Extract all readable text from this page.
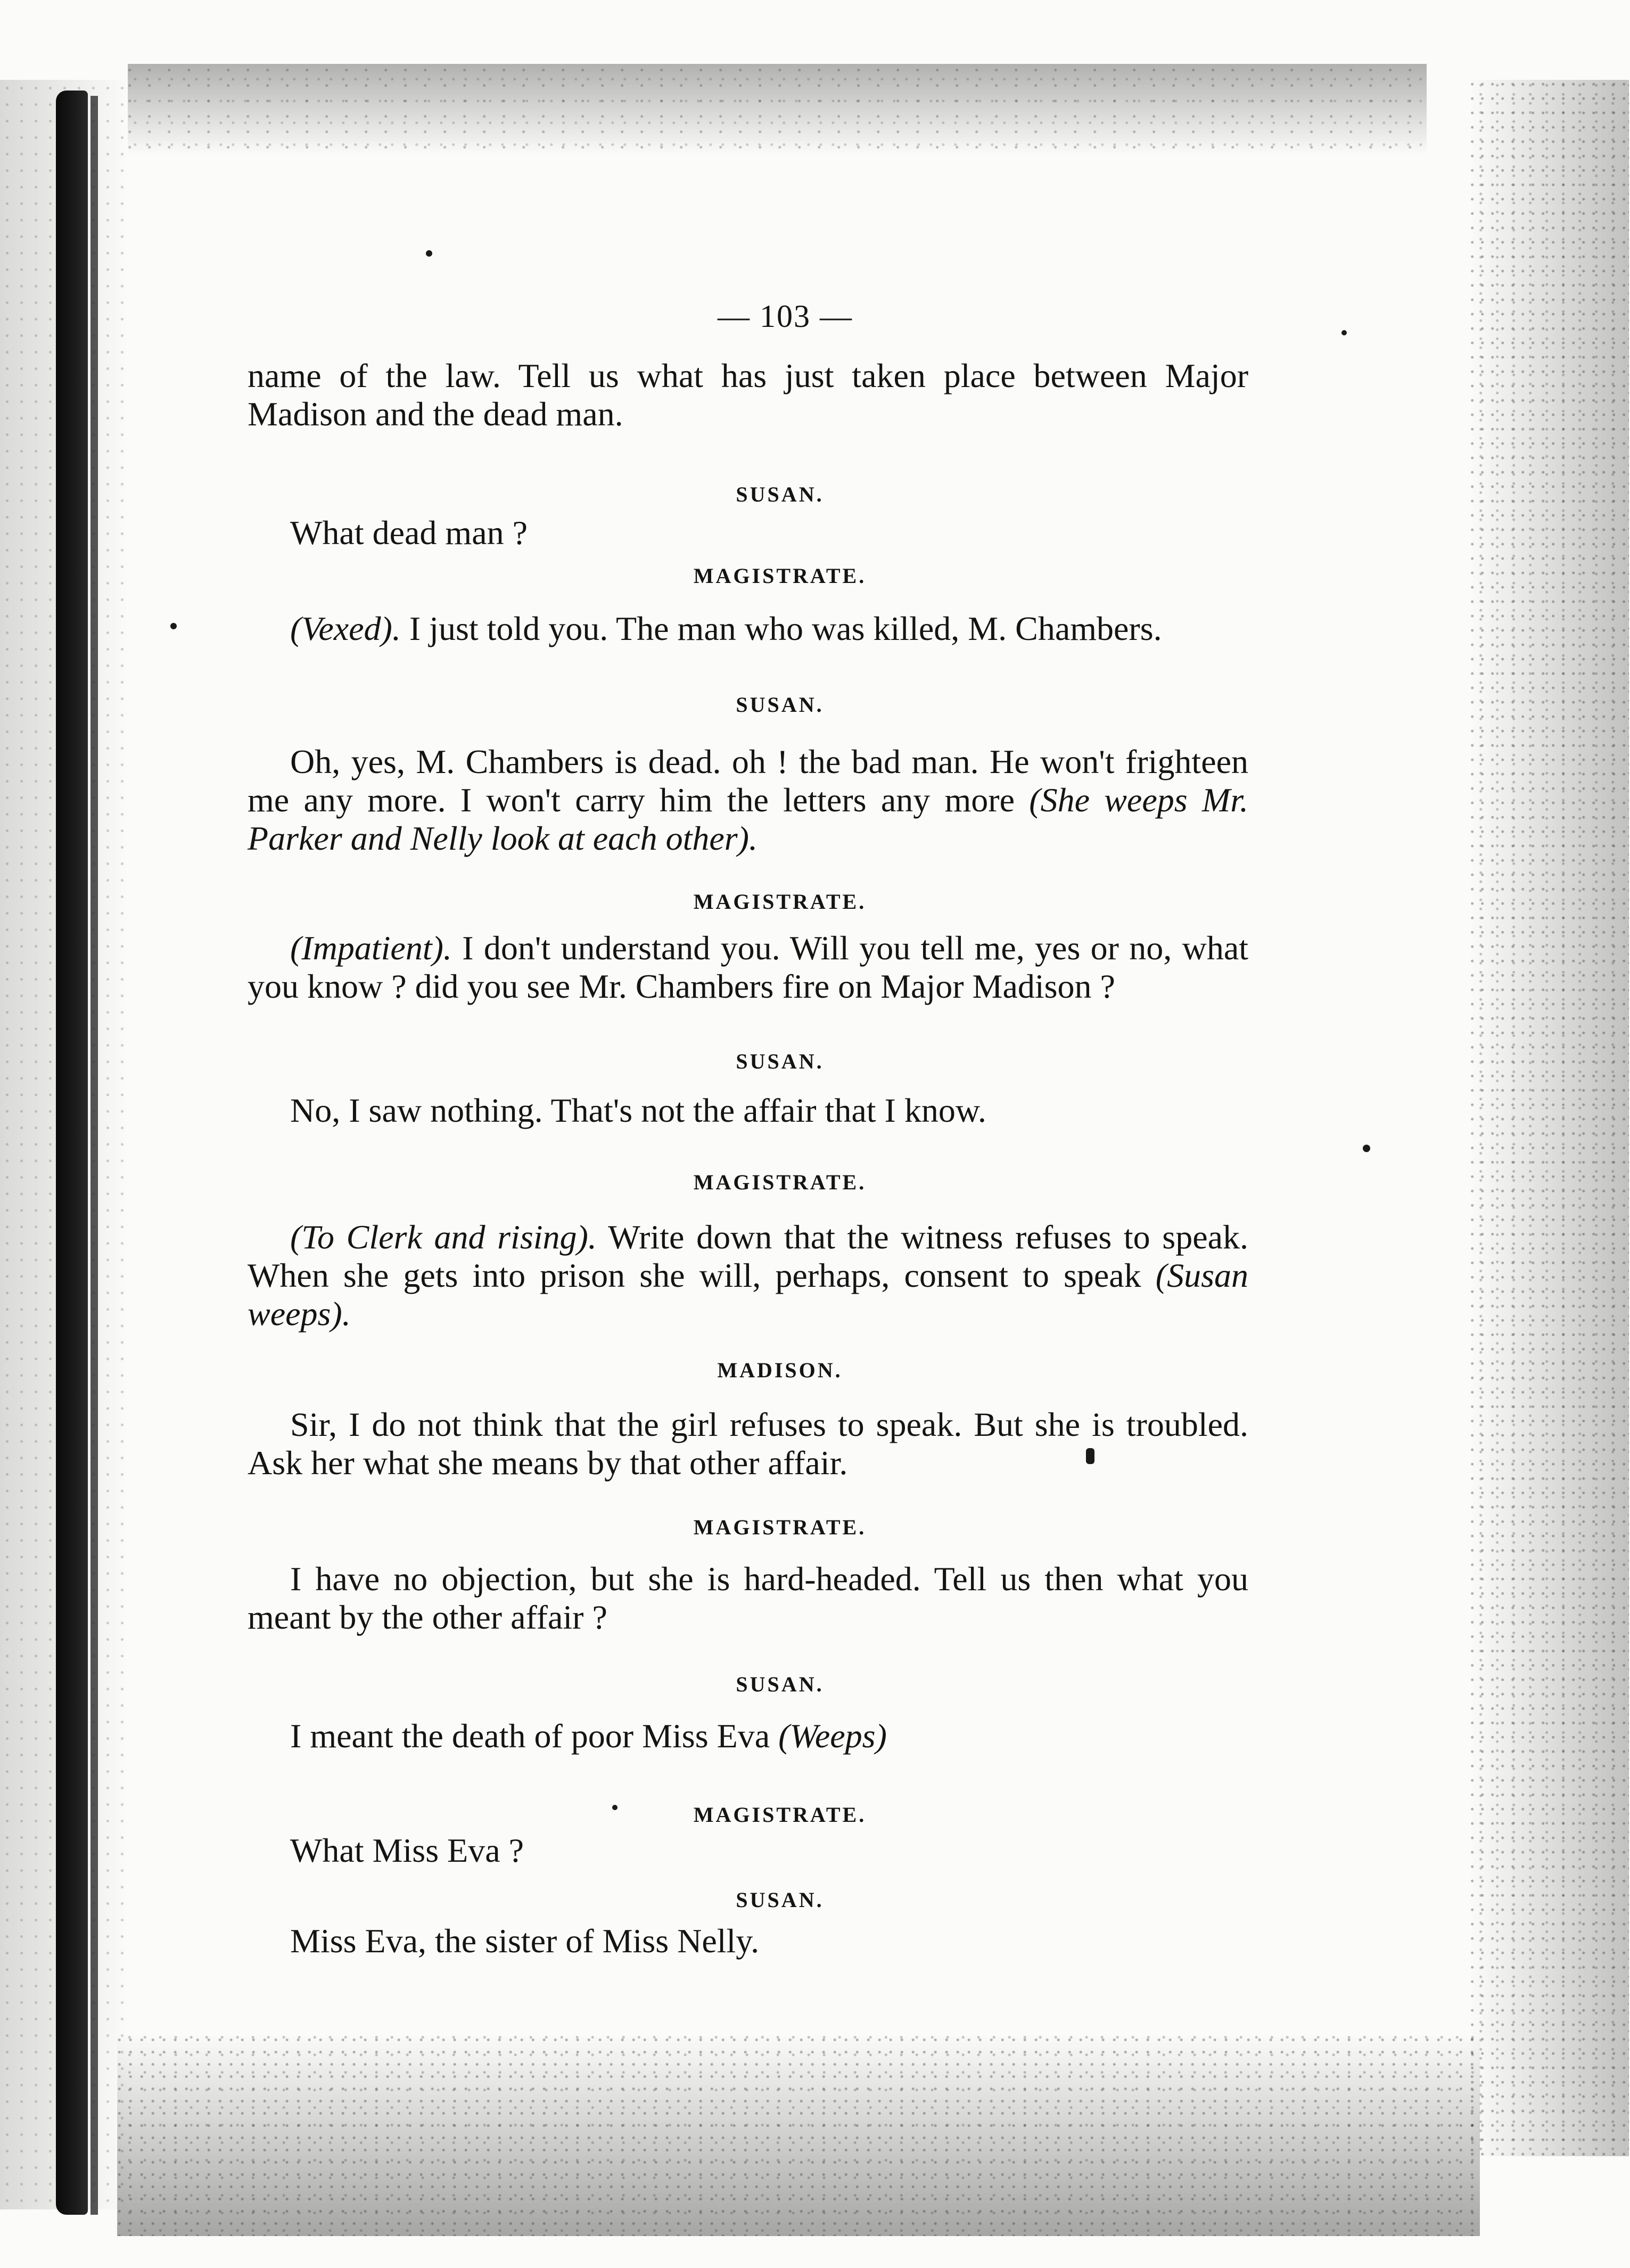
— 103 —
name of the law. Tell us what has just taken place between Major Madison and the dead man.
SUSAN.
What dead man ?
MAGISTRATE.
(Vexed). I just told you. The man who was killed, M. Chambers.
SUSAN.
Oh, yes, M. Chambers is dead. oh ! the bad man. He won't frighteen me any more. I won't carry him the letters any more (She weeps Mr. Parker and Nelly look at each other).
MAGISTRATE.
(Impatient). I don't understand you. Will you tell me, yes or no, what you know ? did you see Mr. Chambers fire on Major Madison ?
SUSAN.
No, I saw nothing. That's not the affair that I know.
MAGISTRATE.
(To Clerk and rising). Write down that the witness refuses to speak. When she gets into prison she will, perhaps, consent to speak (Susan weeps).
MADISON.
Sir, I do not think that the girl refuses to speak. But she is troubled. Ask her what she means by that other affair.
MAGISTRATE.
I have no objection, but she is hard-headed. Tell us then what you meant by the other affair ?
SUSAN.
I meant the death of poor Miss Eva (Weeps)
MAGISTRATE.
What Miss Eva ?
SUSAN.
Miss Eva, the sister of Miss Nelly.
